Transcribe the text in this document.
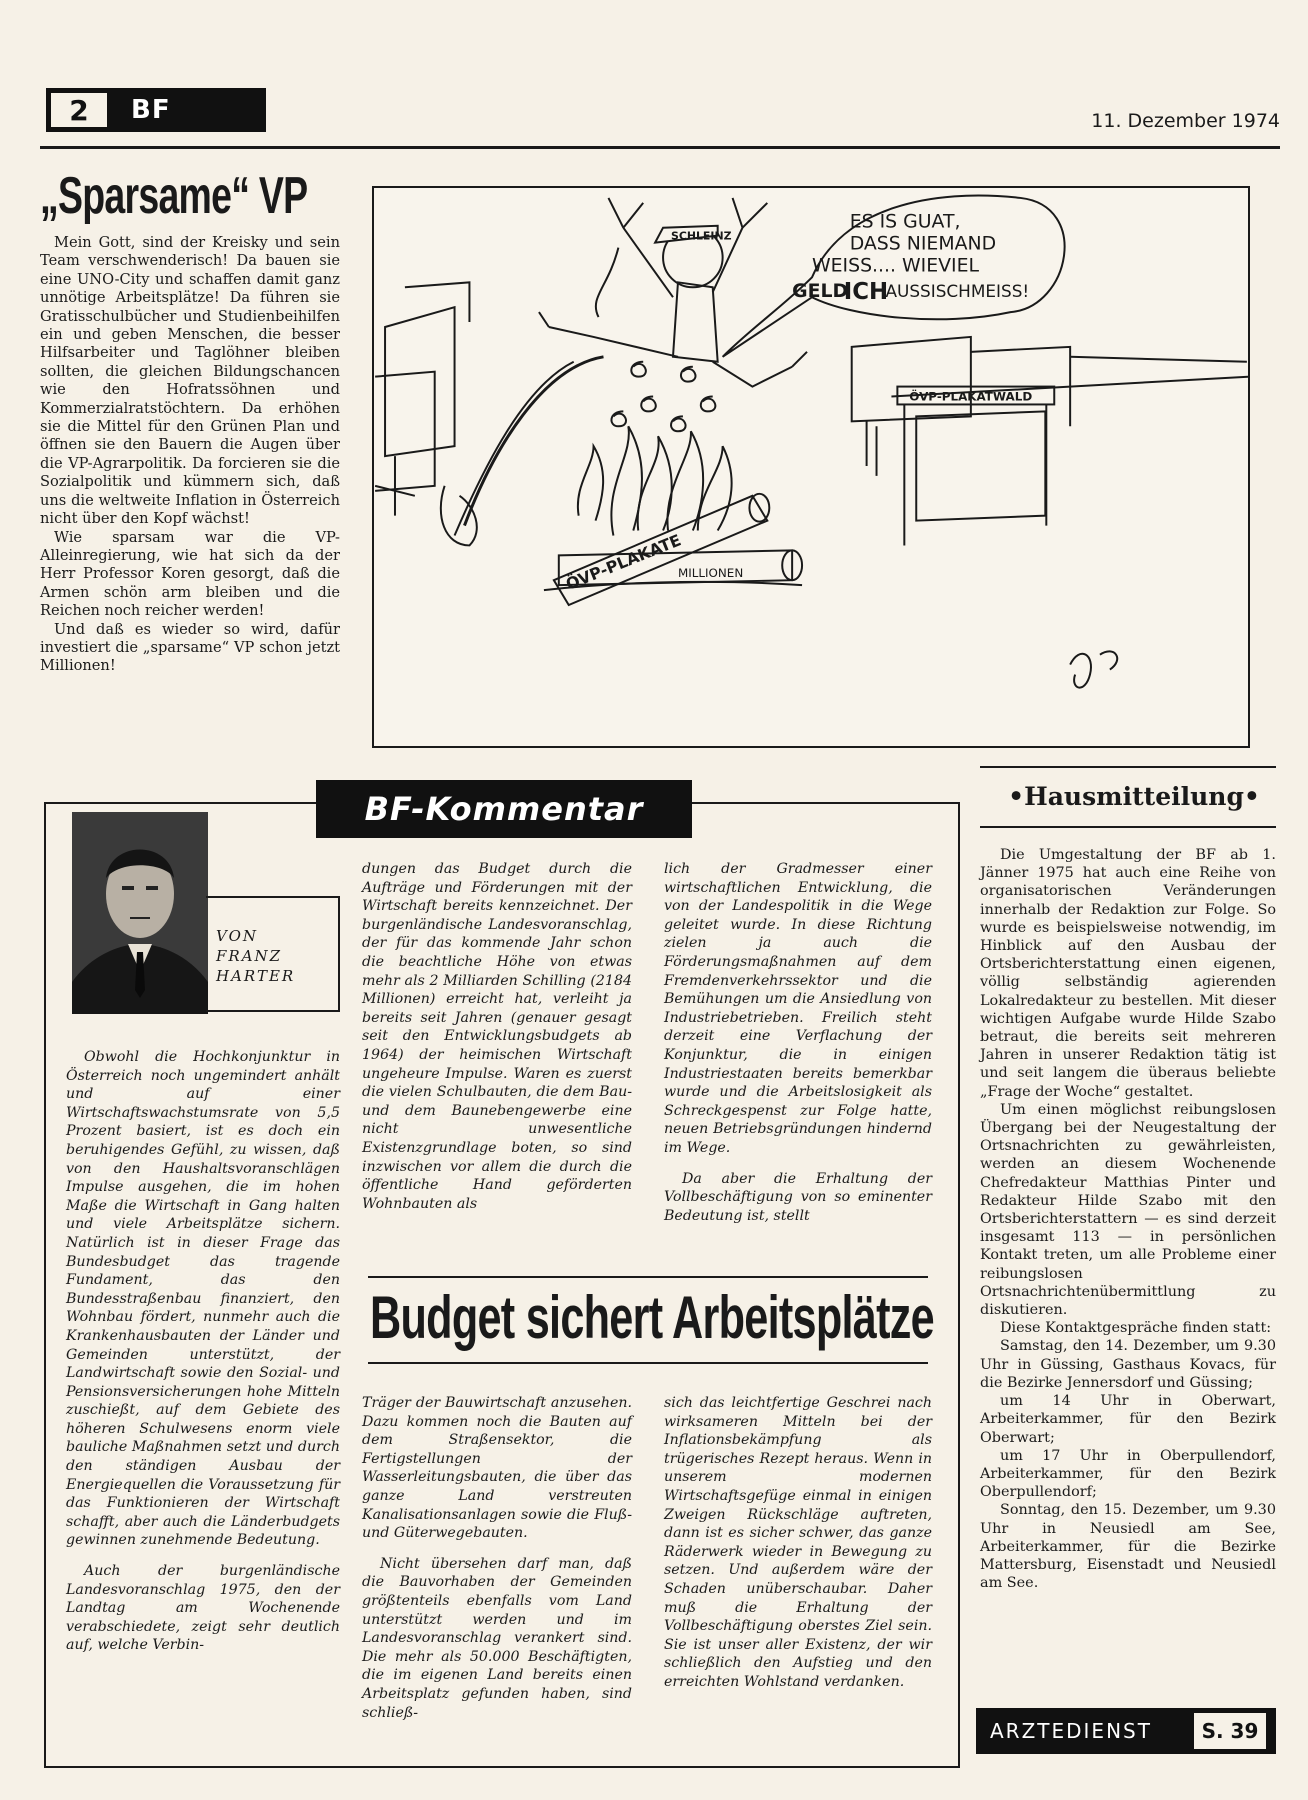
2	BF	11. Dezember 1974
„Sparsame“ VP

Mein Gott, sind der Kreisky und sein Team verschwenderisch! Da bauen sie eine UNO-City und schaffen damit ganz unnötige Arbeitsplätze! Da führen sie Gratisschulbücher und Studienbeihilfen ein und geben Menschen, die besser Hilfsarbeiter und Taglöhner bleiben sollten, die gleichen Bildungschancen wie den Hofratssöhnen und Kommerzialratstöchtern. Da erhöhen sie die Mittel für den Grünen Plan und öffnen sie den Bauern die Augen über die VP-Agrarpolitik. Da forcieren sie die Sozialpolitik und kümmern sich, daß uns die weltweite Inflation in Österreich nicht über den Kopf wächst!

Wie sparsam war die VP-Alleinregierung, wie hat sich da der Herr Professor Koren gesorgt, daß die Armen schön arm bleiben und die Reichen noch reicher werden!

Und daß es wieder so wird, dafür investiert die „sparsame“ VP schon jetzt Millionen!

SCHLEINZ
ES IS GUAT,
DASS NIEMAND
WEISS.... WIEVIEL
GELD
ICH
AUSSISCHMEISS!
ÖVP-PLAKATWALD
ÖVP-PLAKATE
MILLIONEN
BF-Kommentar
VON
FRANZ
HARTER

Obwohl die Hochkonjunktur in Österreich noch ungemindert anhält und auf einer Wirtschaftswachstumsrate von 5,5 Prozent basiert, ist es doch ein beruhigendes Gefühl, zu wissen, daß von den Haushaltsvoranschlägen Impulse ausgehen, die im hohen Maße die Wirtschaft in Gang halten und viele Arbeitsplätze sichern. Natürlich ist in dieser Frage das Bundesbudget das tragende Fundament, das den Bundesstraßenbau finanziert, den Wohnbau fördert, nunmehr auch die Krankenhausbauten der Länder und Gemeinden unterstützt, der Landwirtschaft sowie den Sozial- und Pensionsversicherungen hohe Mitteln zuschießt, auf dem Gebiete des höheren Schulwesens enorm viele bauliche Maßnahmen setzt und durch den ständigen Ausbau der Energiequellen die Voraussetzung für das Funktionieren der Wirtschaft schafft, aber auch die Länderbudgets gewinnen zunehmende Bedeutung.

Auch der burgenländische Landesvoranschlag 1975, den der Landtag am Wochenende verabschiedete, zeigt sehr deutlich auf, welche Verbin-

dungen das Budget durch die Aufträge und Förderungen mit der Wirtschaft bereits kennzeichnet. Der burgenländische Landesvoranschlag, der für das kommende Jahr schon die beachtliche Höhe von etwas mehr als 2 Milliarden Schilling (2184 Millionen) erreicht hat, verleiht ja bereits seit Jahren (genauer gesagt seit den Entwicklungsbudgets ab 1964) der heimischen Wirtschaft ungeheure Impulse. Waren es zuerst die vielen Schulbauten, die dem Bau- und dem Baunebengewerbe eine nicht unwesentliche Existenzgrundlage boten, so sind inzwischen vor allem die durch die öffentliche Hand geförderten Wohnbauten als

lich der Gradmesser einer wirtschaftlichen Entwicklung, die von der Landespolitik in die Wege geleitet wurde. In diese Richtung zielen ja auch die Förderungsmaßnahmen auf dem Fremdenverkehrssektor und die Bemühungen um die Ansiedlung von Industriebetrieben. Freilich steht derzeit eine Verflachung der Konjunktur, die in einigen Industriestaaten bereits bemerkbar wurde und die Arbeitslosigkeit als Schreckgespenst zur Folge hatte, neuen Betriebsgründungen hindernd im Wege.

Da aber die Erhaltung der Vollbeschäftigung von so eminenter Bedeutung ist, stellt

Budget sichert Arbeitsplätze

Träger der Bauwirtschaft anzusehen. Dazu kommen noch die Bauten auf dem Straßensektor, die Fertigstellungen der Wasserleitungsbauten, die über das ganze Land verstreuten Kanalisationsanlagen sowie die Fluß- und Güterwegebauten.

Nicht übersehen darf man, daß die Bauvorhaben der Gemeinden größtenteils ebenfalls vom Land unterstützt werden und im Landesvoranschlag verankert sind. Die mehr als 50.000 Beschäftigten, die im eigenen Land bereits einen Arbeitsplatz gefunden haben, sind schließ-

sich das leichtfertige Geschrei nach wirksameren Mitteln bei der Inflationsbekämpfung als trügerisches Rezept heraus. Wenn in unserem modernen Wirtschaftsgefüge einmal in einigen Zweigen Rückschläge auftreten, dann ist es sicher schwer, das ganze Räderwerk wieder in Bewegung zu setzen. Und außerdem wäre der Schaden unüberschaubar. Daher muß die Erhaltung der Vollbeschäftigung oberstes Ziel sein. Sie ist unser aller Existenz, der wir schließlich den Aufstieg und den erreichten Wohlstand verdanken.

•Hausmitteilung•

Die Umgestaltung der BF ab 1. Jänner 1975 hat auch eine Reihe von organisatorischen Veränderungen innerhalb der Redaktion zur Folge. So wurde es beispielsweise notwendig, im Hinblick auf den Ausbau der Ortsberichterstattung einen eigenen, völlig selbständig agierenden Lokalredakteur zu bestellen. Mit dieser wichtigen Aufgabe wurde Hilde Szabo betraut, die bereits seit mehreren Jahren in unserer Redaktion tätig ist und seit langem die überaus beliebte „Frage der Woche“ gestaltet.

Um einen möglichst reibungslosen Übergang bei der Neugestaltung der Ortsnachrichten zu gewährleisten, werden an diesem Wochenende Chefredakteur Matthias Pinter und Redakteur Hilde Szabo mit den Ortsberichterstattern — es sind derzeit insgesamt 113 — in persönlichen Kontakt treten, um alle Probleme einer reibungslosen Ortsnachrichtenübermittlung zu diskutieren.

Diese Kontaktgespräche finden statt:

Samstag, den 14. Dezember, um 9.30 Uhr in Güssing, Gasthaus Kovacs, für die Bezirke Jennersdorf und Güssing;

um 14 Uhr in Oberwart, Arbeiterkammer, für den Bezirk Oberwart;

um 17 Uhr in Oberpullendorf, Arbeiterkammer, für den Bezirk Oberpullendorf;

Sonntag, den 15. Dezember, um 9.30 Uhr in Neusiedl am See, Arbeiterkammer, für die Bezirke Mattersburg, Eisenstadt und Neusiedl am See.

ARZTEDIENST	S. 39
